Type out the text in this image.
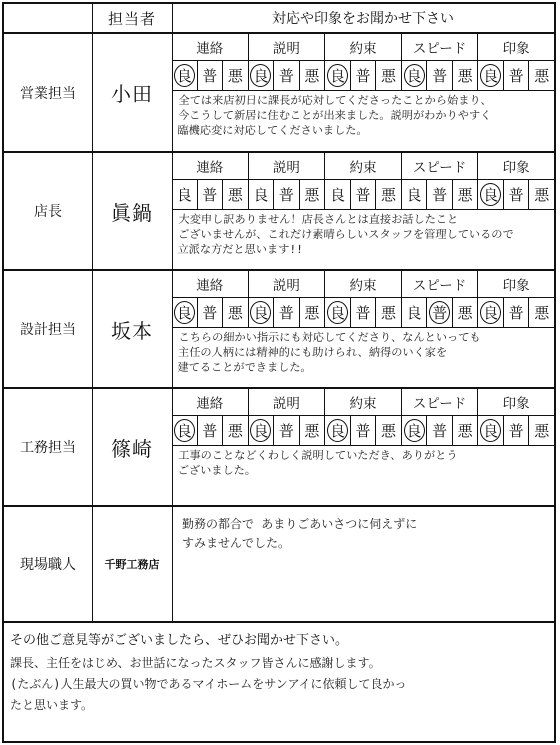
担当者	対応や印象をお聞かせ下さい
営業担当	小田
連絡	説明	約束	スピード	印象
良 普 悪 良 普 悪 良 普 悪 良 普 悪 良 普 悪
全ては来店初日に課長が応対してくださったことから始まり、
今こうして新居に住むことが出来ました。説明がわかりやすく
臨機応変に対応してくださいました。
店長	眞鍋
連絡	説明	約束	スピード	印象
良 普 悪 良 普 悪 良 普 悪 良 普 悪 良 普 悪
大変申し訳ありません！店長さんとは直接お話したこと
ございませんが、これだけ素晴らしいスタッフを管理しているので
立派な方だと思います!!
設計担当	坂本
連絡	説明	約束	スピード	印象
良 普 悪 良 普 悪 良 普 悪 良 普 悪 良 普 悪
こちらの細かい指示にも対応してくださり、なんといっても
主任の人柄には精神的にも助けられ、納得のいく家を
建てることができました。
工務担当	篠崎
連絡	説明	約束	スピード	印象
良 普 悪 良 普 悪 良 普 悪 良 普 悪 良 普 悪
工事のことなどくわしく説明していただき、ありがとう
ございました。
現場職人	千野工務店
勤務の都合で あまりごあいさつに伺えずに
すみませんでした。
その他ご意見等がございましたら、ぜひお聞かせ下さい。
課長、主任をはじめ、お世話になったスタッフ皆さんに感謝します。
(たぶん)人生最大の買い物であるマイホームをサンアイに依頼して良かっ
たと思います。
